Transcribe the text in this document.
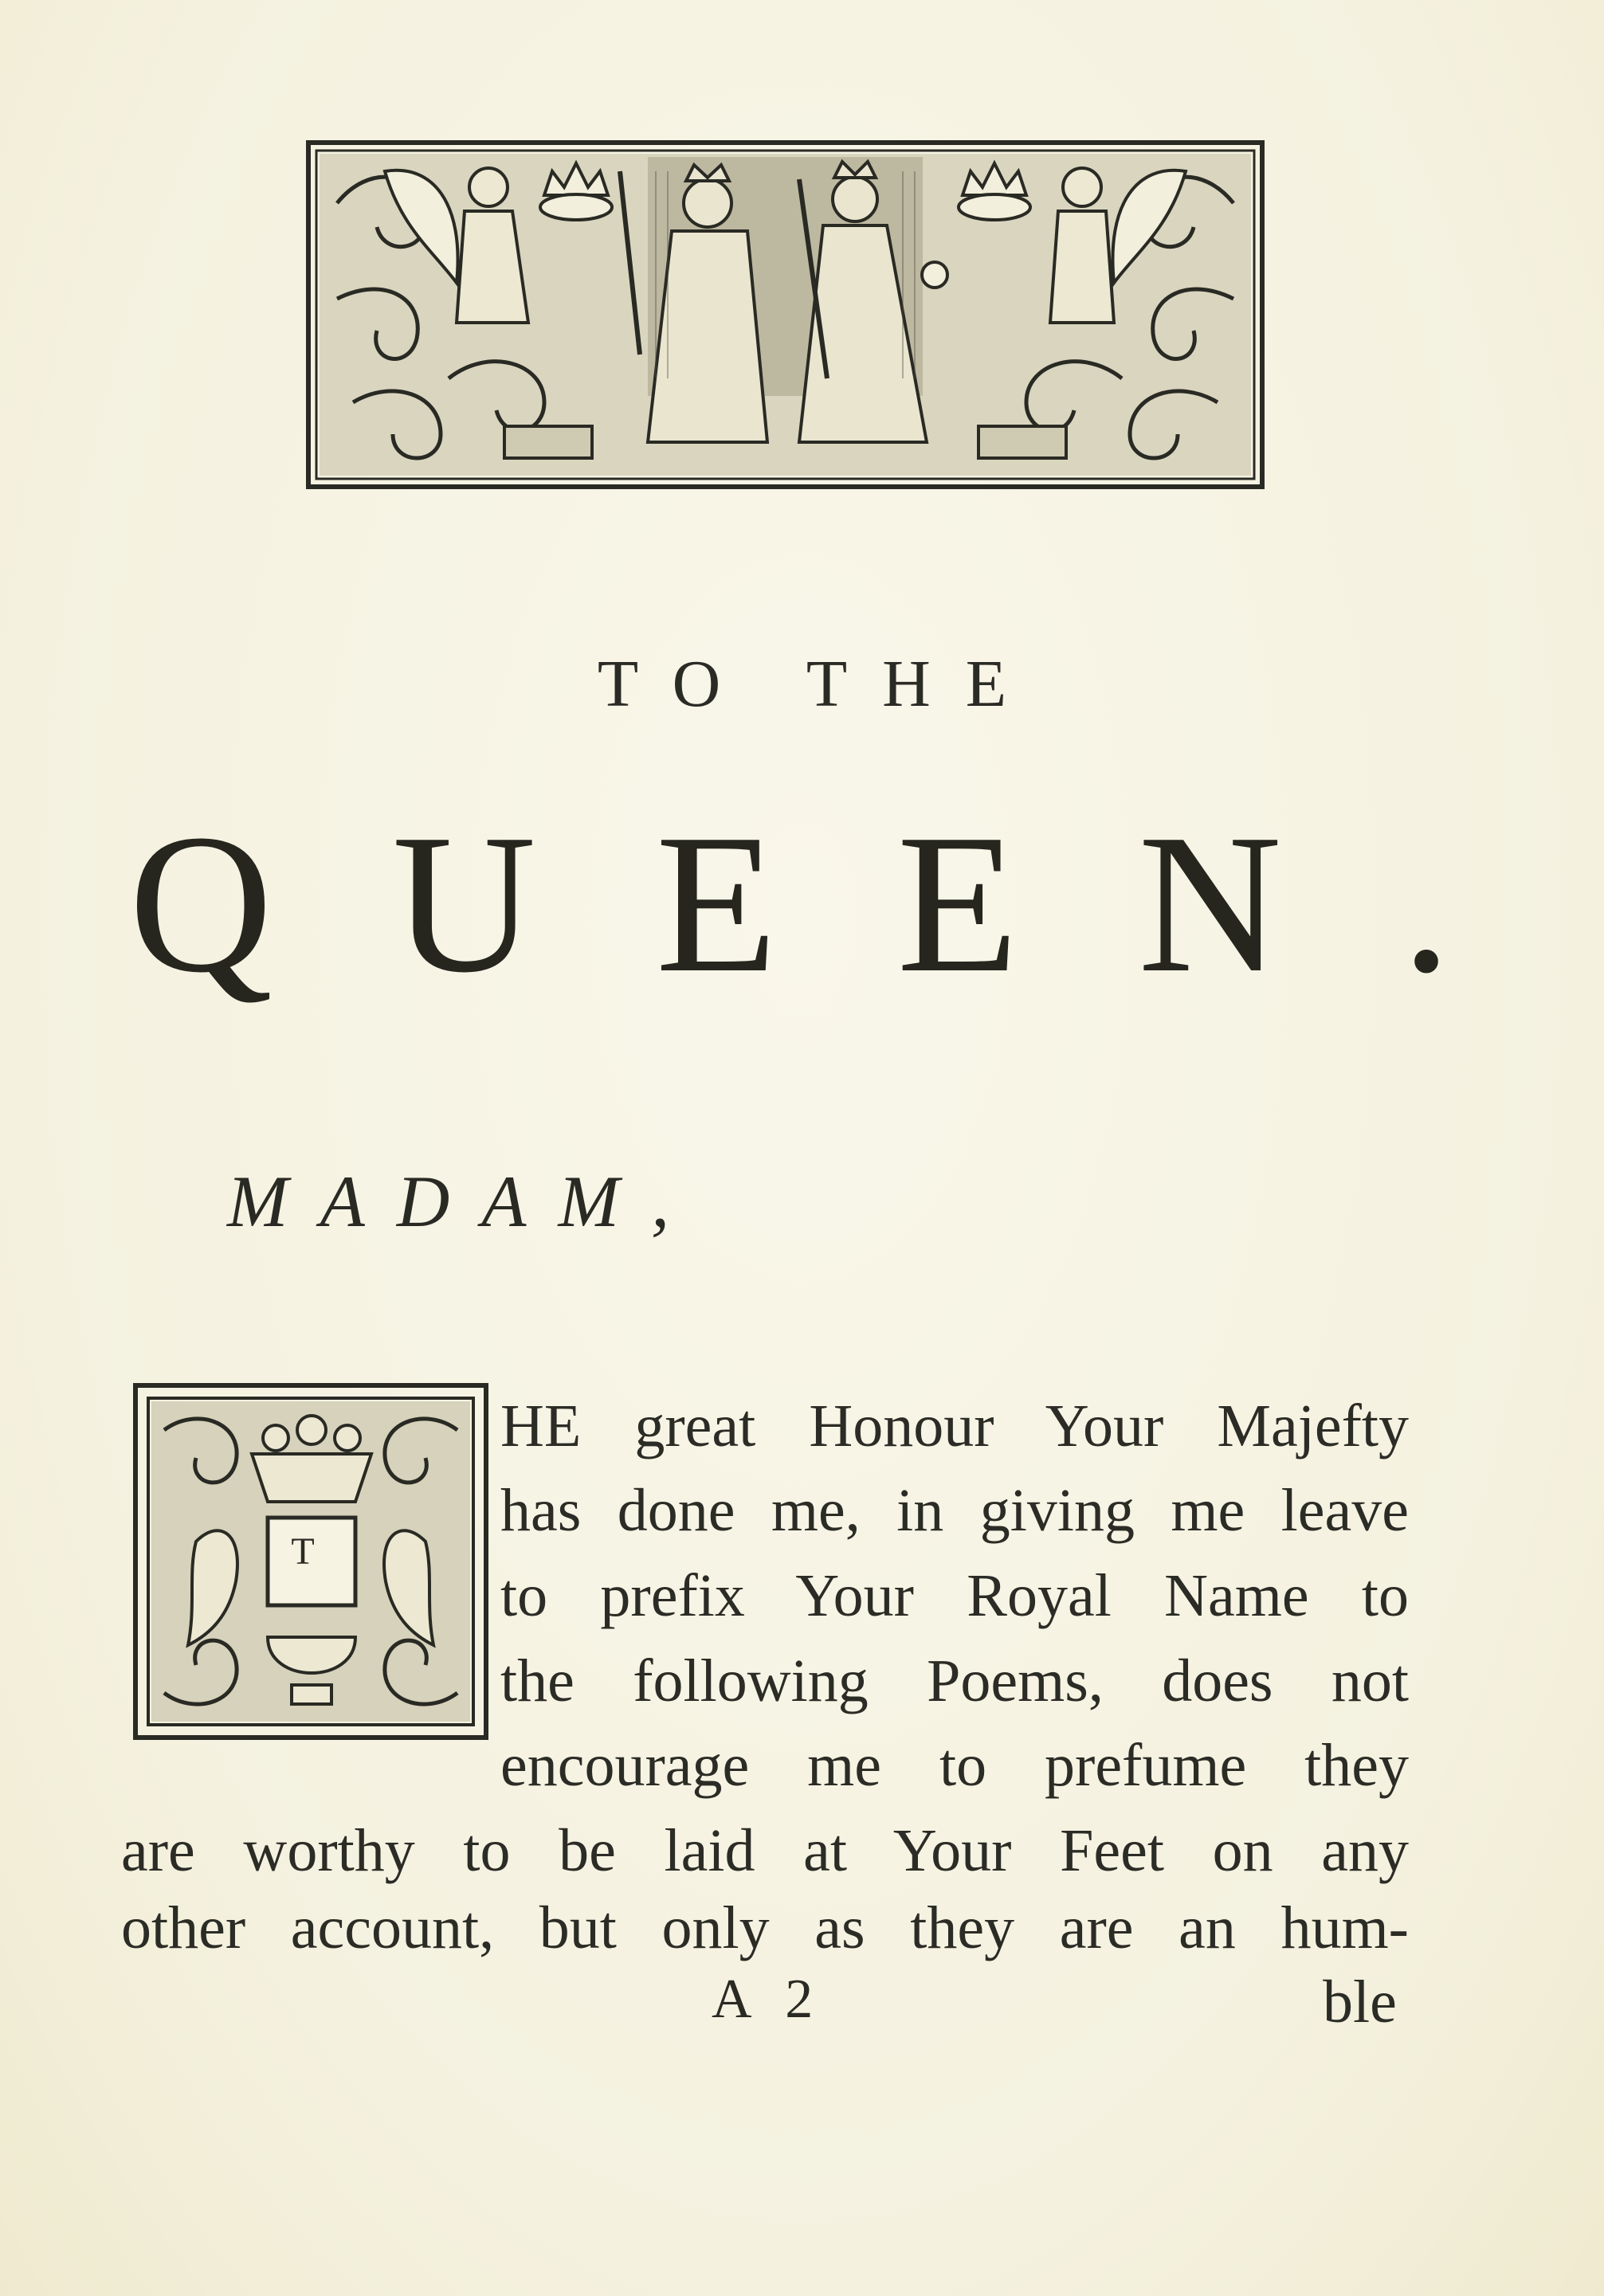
TO THE
QUEEN.
MADAM,
T
HE great Honour Your Majefty
has done me, in giving me leave
to prefix Your Royal Name to
the following Poems, does not
encourage me to prefume they
are worthy to be laid at Your Feet on any
other account, but only as they are an hum-
A 2	ble
